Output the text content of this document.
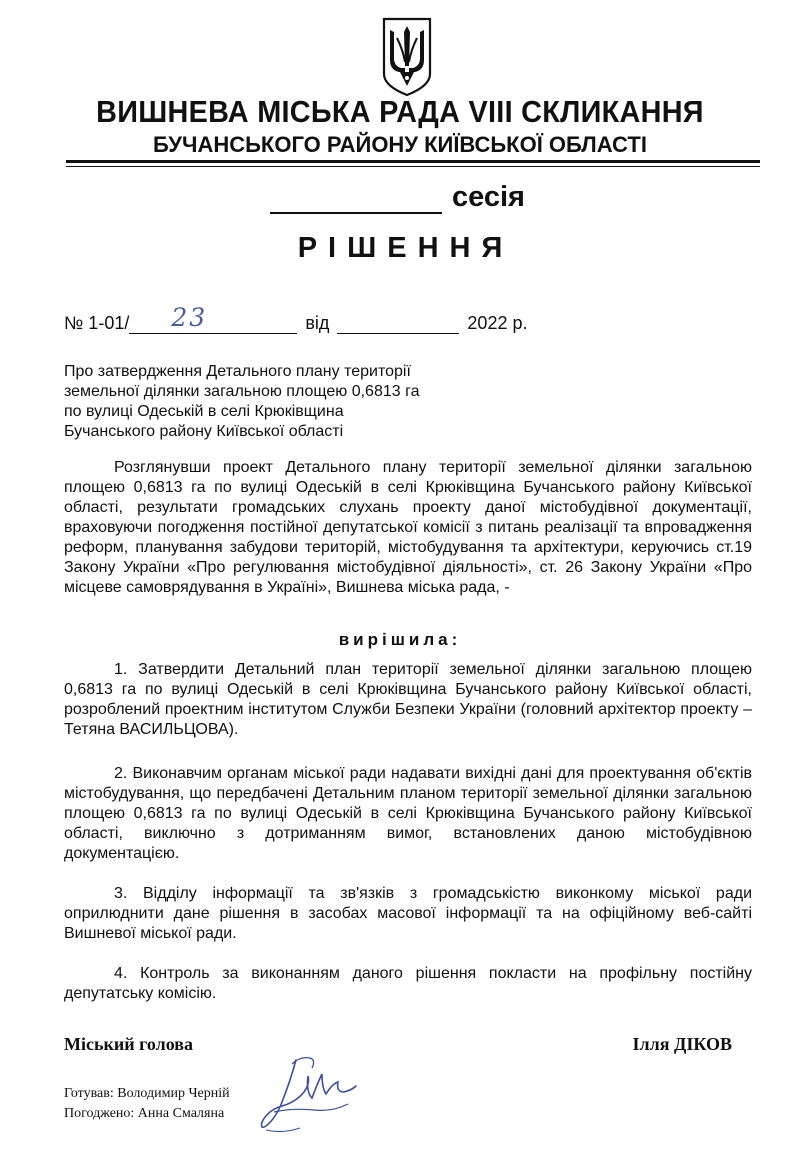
ВИШНЕВА МІСЬКА РАДА VIII СКЛИКАННЯ
БУЧАНСЬКОГО РАЙОНУ КИЇВСЬКОЇ ОБЛАСТІ
сесія
РІШЕННЯ
№ 1-01/ 23	від	2022 р.
Про затвердження Детального плану території
земельної ділянки загальною площею 0,6813 га
по вулиці Одеській в селі Крюківщина
Бучанського району Київської області
Розглянувши проект Детального плану території земельної ділянки загальною площею 0,6813 га по вулиці Одеській в селі Крюківщина Бучанського району Київської області, результати громадських слухань проекту даної містобудівної документації, враховуючи погодження постійної депутатської комісії з питань реалізації та впровадження реформ, планування забудови територій, містобудування та архітектури, керуючись ст.19 Закону України «Про регулювання містобудівної діяльності», ст. 26 Закону України «Про місцеве самоврядування в Україні», Вишнева міська рада, -
вирішила:
1. Затвердити Детальний план території земельної ділянки загальною площею 0,6813 га по вулиці Одеській в селі Крюківщина Бучанського району Київської області, розроблений проектним інститутом Служби Безпеки України (головний архітектор проекту – Тетяна ВАСИЛЬЦОВА).
2. Виконавчим органам міської ради надавати вихідні дані для проектування об'єктів містобудування, що передбачені Детальним планом території земельної ділянки загальною площею 0,6813 га по вулиці Одеській в селі Крюківщина Бучанського району Київської області, виключно з дотриманням вимог, встановлених даною містобудівною документацією.
3. Відділу інформації та зв'язків з громадськістю виконкому міської ради оприлюднити дане рішення в засобах масової інформації та на офіційному веб-сайті Вишневої міської ради.
4. Контроль за виконанням даного рішення покласти на профільну постійну депутатську комісію.
Міський голова	Ілля ДІКОВ
Готував: Володимир Черній
Погоджено: Анна Смаляна
